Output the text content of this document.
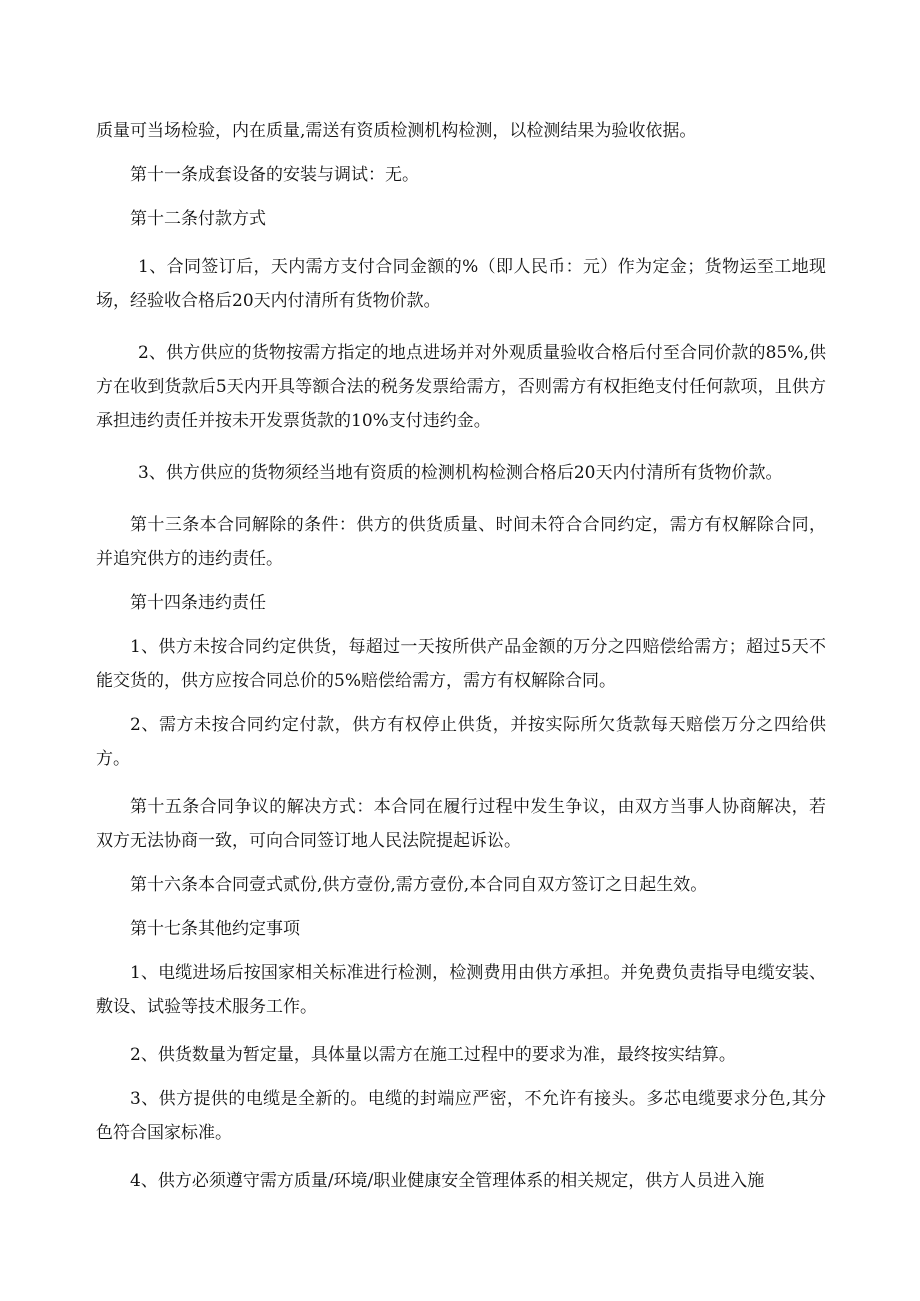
质量可当场检验，内在质量,需送有资质检测机构检测，以检测结果为验收依据。

第十一条成套设备的安装与调试：无。

第十二条付款方式

1、合同签订后，天内需方支付合同金额的%（即人民币：元）作为定金；货物运至工地现场，经验收合格后20天内付清所有货物价款。

2、供方供应的货物按需方指定的地点进场并对外观质量验收合格后付至合同价款的85%,供方在收到货款后5天内开具等额合法的税务发票给需方，否则需方有权拒绝支付任何款项，且供方承担违约责任并按未开发票货款的10%支付违约金。

3、供方供应的货物须经当地有资质的检测机构检测合格后20天内付清所有货物价款。

第十三条本合同解除的条件：供方的供货质量、时间未符合合同约定，需方有权解除合同，并追究供方的违约责任。

第十四条违约责任

1、供方未按合同约定供货，每超过一天按所供产品金额的万分之四赔偿给需方；超过5天不能交货的，供方应按合同总价的5%赔偿给需方，需方有权解除合同。

2、需方未按合同约定付款，供方有权停止供货，并按实际所欠货款每天赔偿万分之四给供方。

第十五条合同争议的解决方式：本合同在履行过程中发生争议，由双方当事人协商解决，若双方无法协商一致，可向合同签订地人民法院提起诉讼。

第十六条本合同壹式贰份,供方壹份,需方壹份,本合同自双方签订之日起生效。

第十七条其他约定事项

1、电缆进场后按国家相关标准进行检测，检测费用由供方承担。并免费负责指导电缆安装、敷设、试验等技术服务工作。

2、供货数量为暂定量，具体量以需方在施工过程中的要求为准，最终按实结算。

3、供方提供的电缆是全新的。电缆的封端应严密，不允许有接头。多芯电缆要求分色,其分色符合国家标准。

4、供方必须遵守需方质量/环境/职业健康安全管理体系的相关规定，供方人员进入施
